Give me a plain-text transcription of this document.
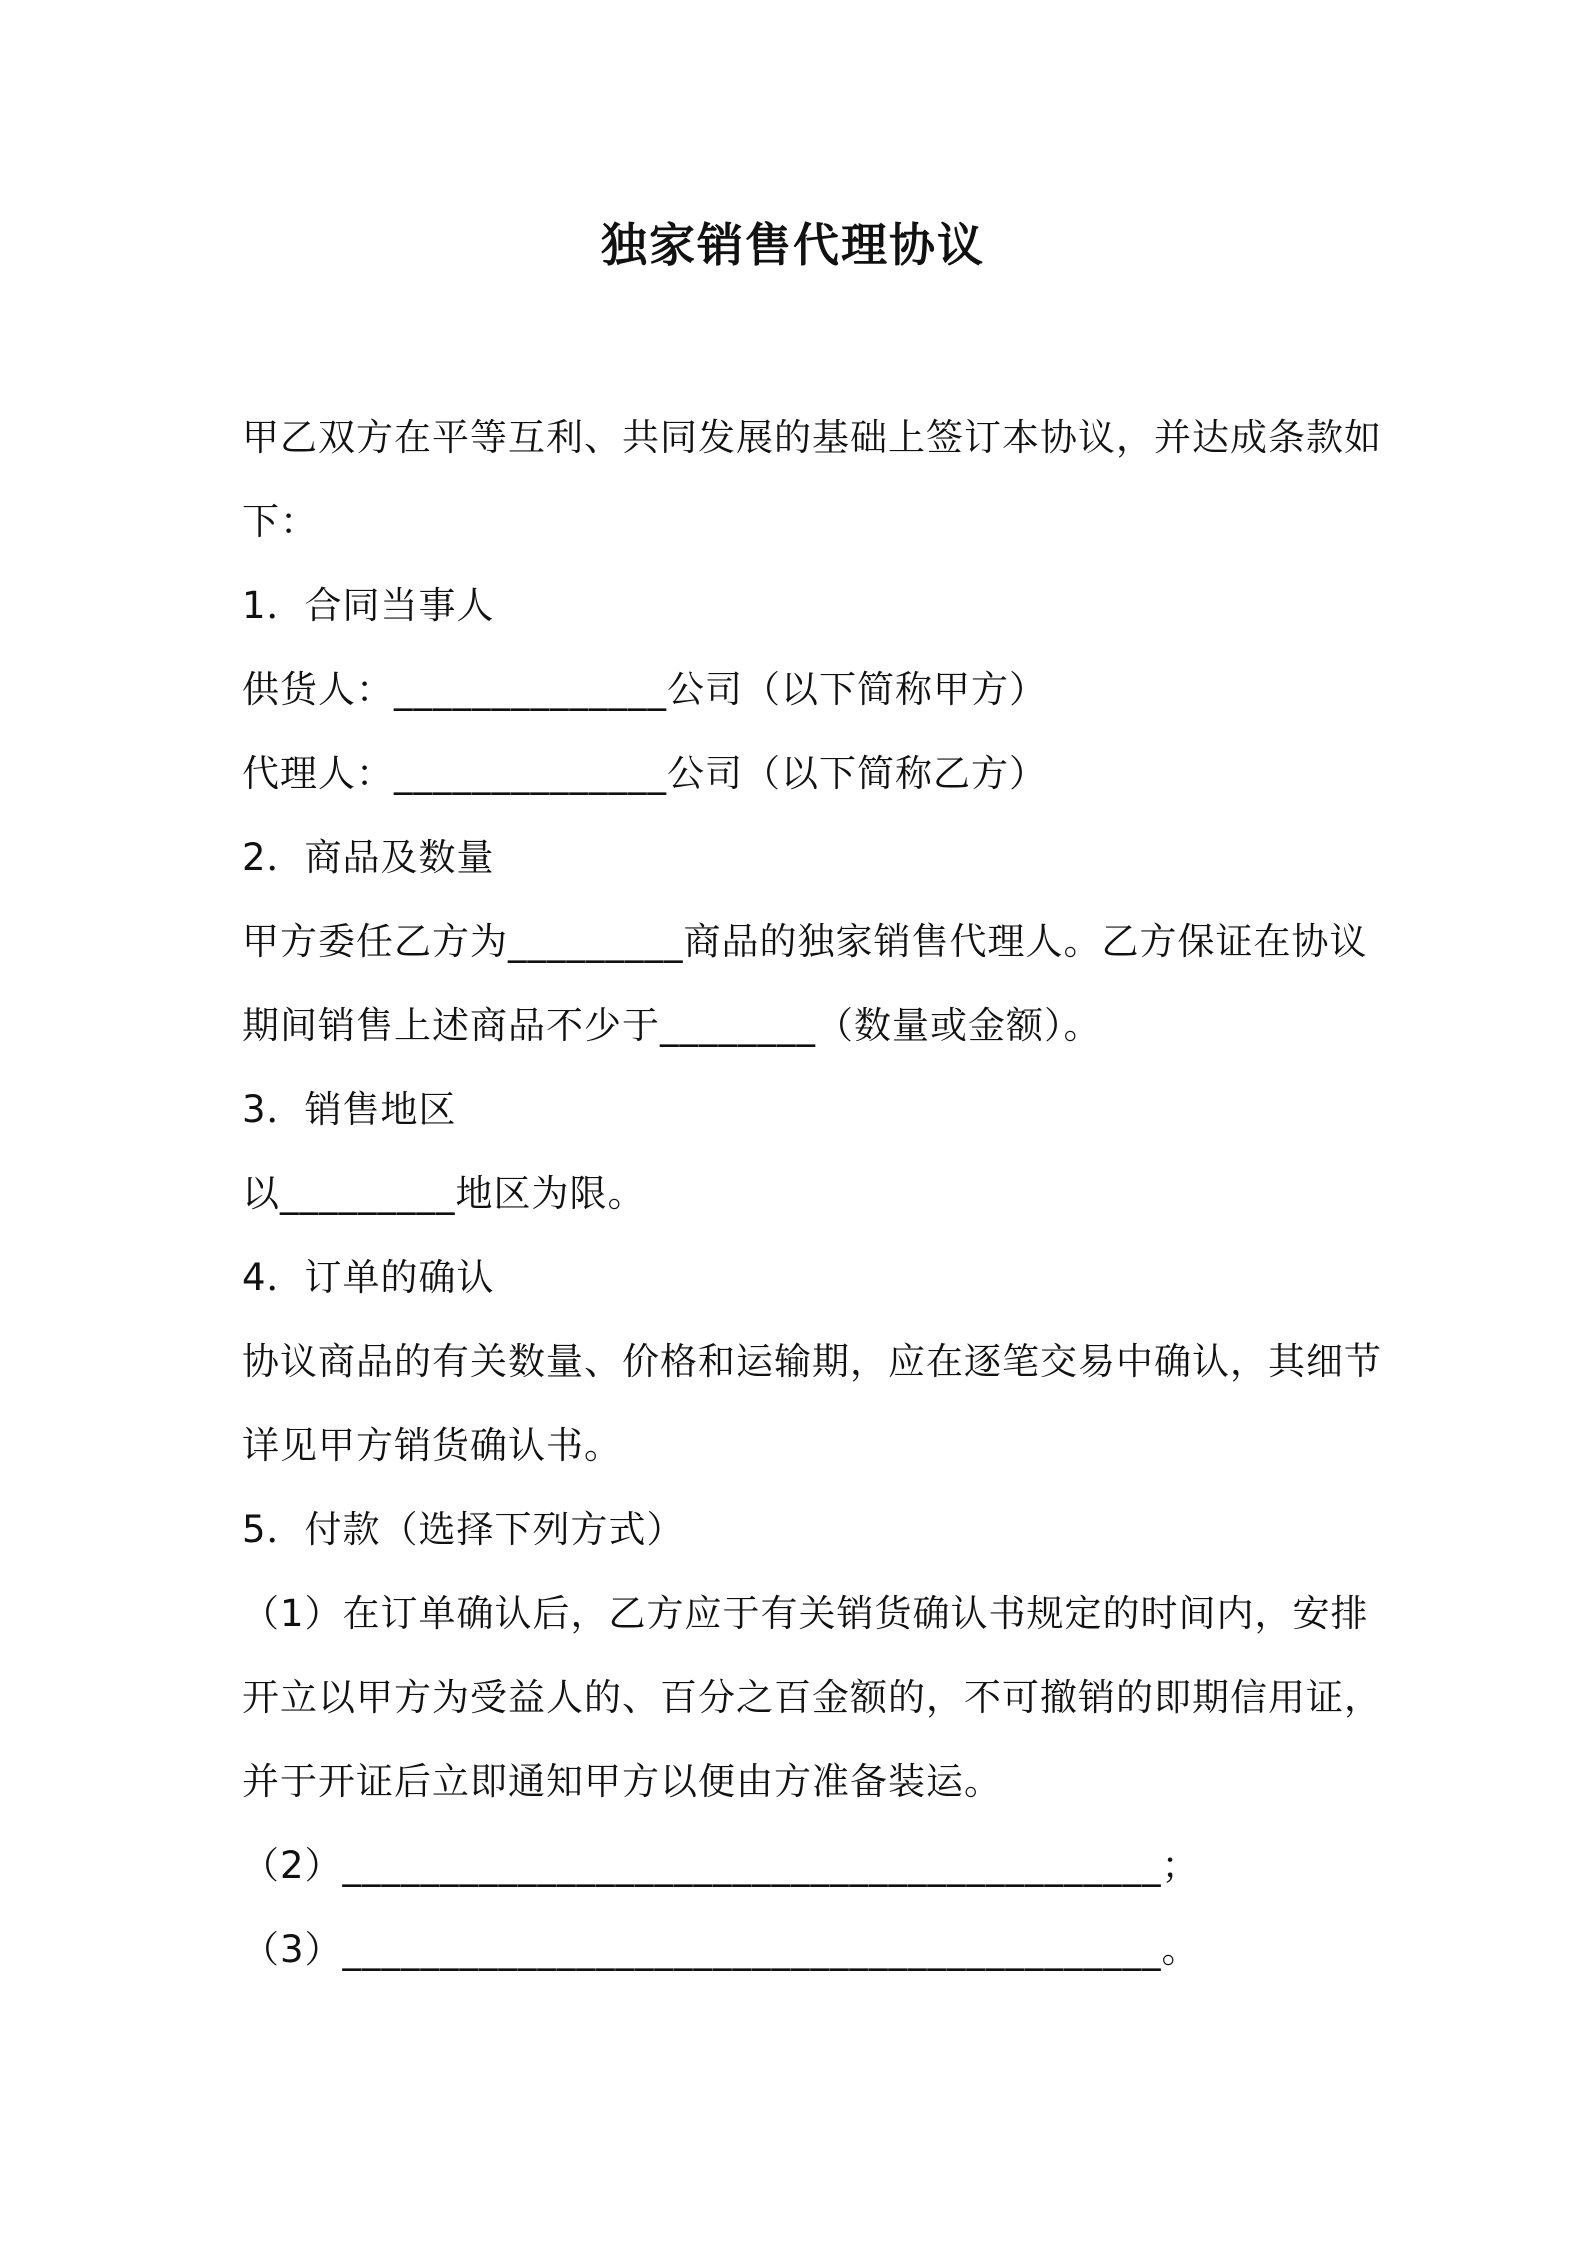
独家销售代理协议
甲乙双方在平等互利、共同发展的基础上签订本协议，并达成条款如
下：
1．合同当事人
供货人：______________公司（以下简称甲方）
代理人：______________公司（以下简称乙方）
2．商品及数量
甲方委任乙方为_________商品的独家销售代理人。乙方保证在协议
期间销售上述商品不少于________（数量或金额）。
3．销售地区
以_________地区为限。
4．订单的确认
协议商品的有关数量、价格和运输期，应在逐笔交易中确认，其细节
详见甲方销货确认书。
5．付款（选择下列方式）
（1）在订单确认后，乙方应于有关销货确认书规定的时间内，安排
开立以甲方为受益人的、百分之百金额的，不可撤销的即期信用证，
并于开证后立即通知甲方以便由方准备装运。
（2）__________________________________________；
（3）__________________________________________。
